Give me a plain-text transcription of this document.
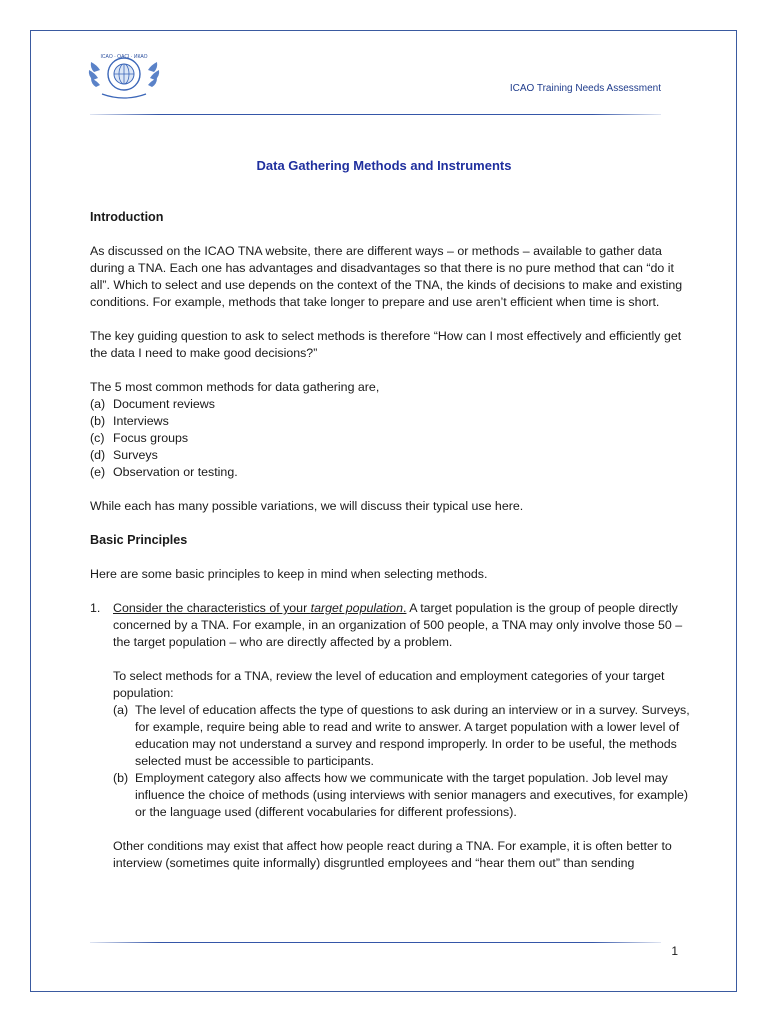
ICAO · OACI · ИКАО
ICAO Training Needs Assessment
Data Gathering Methods and Instruments

Introduction

As discussed on the ICAO TNA website, there are different ways – or methods – available to gather data during a TNA. Each one has advantages and disadvantages so that there is no pure method that can “do it all”. Which to select and use depends on the context of the TNA, the kinds of decisions to make and existing conditions. For example, methods that take longer to prepare and use aren’t efficient when time is short.

The key guiding question to ask to select methods is therefore “How can I most effectively and efficiently get the data I need to make good decisions?”

The 5 most common methods for data gathering are,

(a) Document reviews
(b) Interviews
(c) Focus groups
(d) Surveys
(e) Observation or testing.

While each has many possible variations, we will discuss their typical use here.

Basic Principles

Here are some basic principles to keep in mind when selecting methods.

1.	Consider the characteristics of your target population. A target population is the group of people directly concerned by a TNA. For example, in an organization of 500 people, a TNA may only involve those 50 – the target population – who are directly affected by a problem.

To select methods for a TNA, review the level of education and employment categories of your target population:

(a) The level of education affects the type of questions to ask during an interview or in a survey. Surveys, for example, require being able to read and write to answer. A target population with a lower level of education may not understand a survey and respond improperly. In order to be useful, the methods selected must be accessible to participants.
(b) Employment category also affects how we communicate with the target population. Job level may influence the choice of methods (using interviews with senior managers and executives, for example) or the language used (different vocabularies for different professions).

Other conditions may exist that affect how people react during a TNA. For example, it is often better to interview (sometimes quite informally) disgruntled employees and “hear them out” than sending

1
